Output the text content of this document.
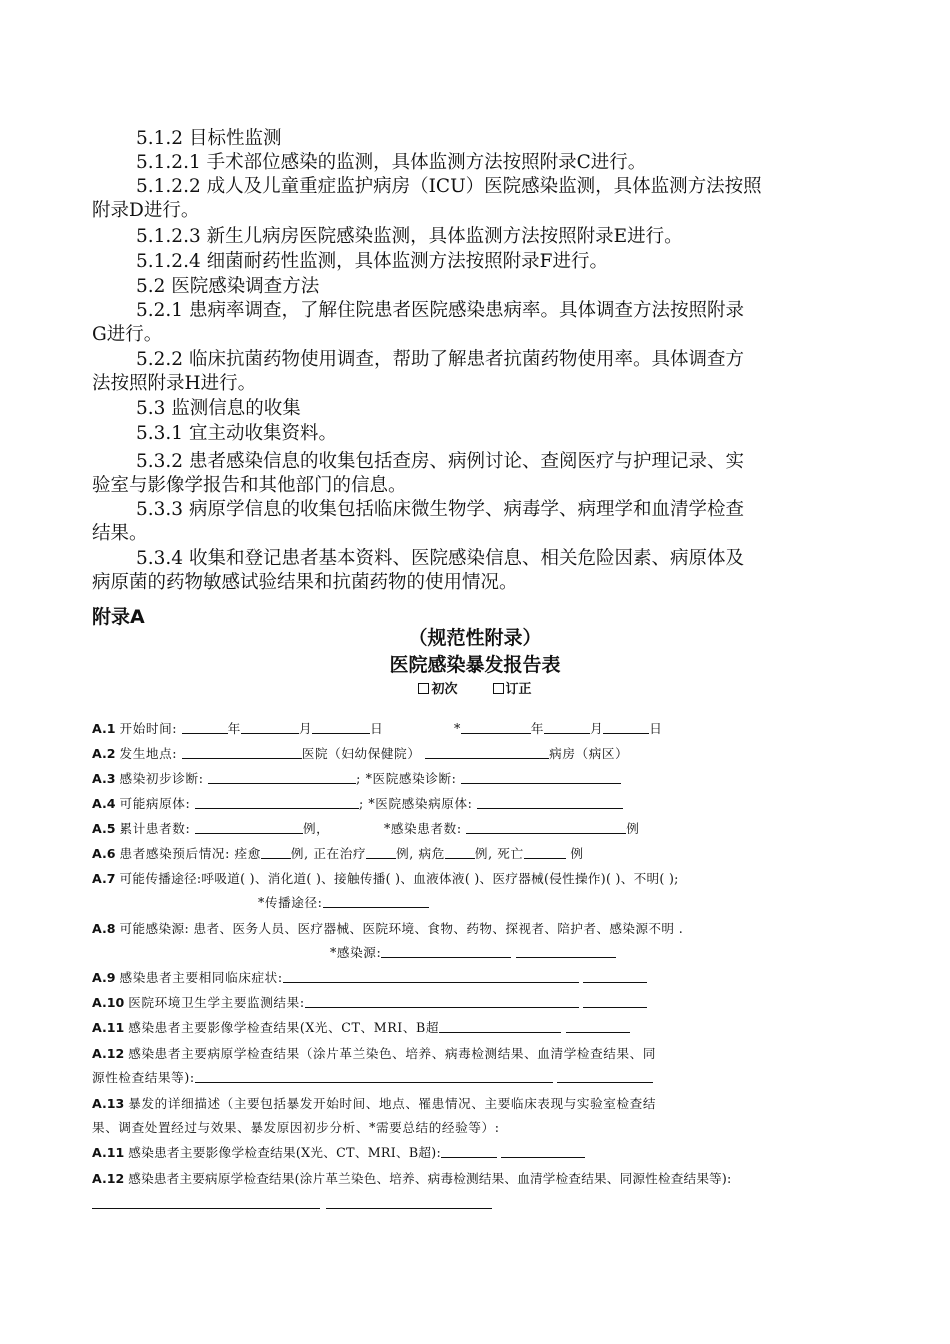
5.1.2 目标性监测
5.1.2.1 手术部位感染的监测，具体监测方法按照附录C进行。
5.1.2.2 成人及儿童重症监护病房（ICU）医院感染监测，具体监测方法按照
附录D进行。
5.1.2.3 新生儿病房医院感染监测，具体监测方法按照附录E进行。
5.1.2.4 细菌耐药性监测，具体监测方法按照附录F进行。
5.2 医院感染调查方法
5.2.1 患病率调查，了解住院患者医院感染患病率。具体调查方法按照附录
G进行。
5.2.2 临床抗菌药物使用调查，帮助了解患者抗菌药物使用率。具体调查方
法按照附录H进行。
5.3 监测信息的收集
5.3.1 宜主动收集资料。
5.3.2 患者感染信息的收集包括查房、病例讨论、查阅医疗与护理记录、实
验室与影像学报告和其他部门的信息。
5.3.3 病原学信息的收集包括临床微生物学、病毒学、病理学和血清学检查
结果。
5.3.4 收集和登记患者基本资料、医院感染信息、相关危险因素、病原体及
病原菌的药物敏感试验结果和抗菌药物的使用情况。
附录A
（规范性附录）
医院感染暴发报告表
初次	订正
A.1 开始时间:	年	月	日	*	年	月	日
A.2 发生地点:	医院（妇幼保健院）	病房（病区）
A.3 感染初步诊断:	; *医院感染诊断:
A.4 可能病原体:	; *医院感染病原体:
A.5 累计患者数:	例，	*感染患者数:	例
A.6 患者感染预后情况: 痊愈 例, 正在治疗 例, 病危 例, 死亡	例
A.7 可能传播途径:呼吸道( )、消化道( )、接触传播( )、血液体液( )、医疗器械(侵性操作)( )、不明( );
*传播途径:
A.8 可能感染源: 患者、医务人员、医疗器械、医院环境、食物、药物、探视者、陪护者、感染源不明 .
*感染源:
A.9 感染患者主要相同临床症状:
A.10 医院环境卫生学主要监测结果:
A.11 感染患者主要影像学检查结果(X光、CT、MRI、B超
A.12 感染患者主要病原学检查结果（涂片革兰染色、培养、病毒检测结果、血清学检查结果、同
源性检查结果等):
A.13 暴发的详细描述（主要包括暴发开始时间、地点、罹患情况、主要临床表现与实验室检查结
果、调查处置经过与效果、暴发原因初步分析、*需要总结的经验等）:
A.11 感染患者主要影像学检查结果(X光、CT、MRI、B超):
A.12 感染患者主要病原学检查结果(涂片革兰染色、培养、病毒检测结果、血清学检查结果、同源性检查结果等):
